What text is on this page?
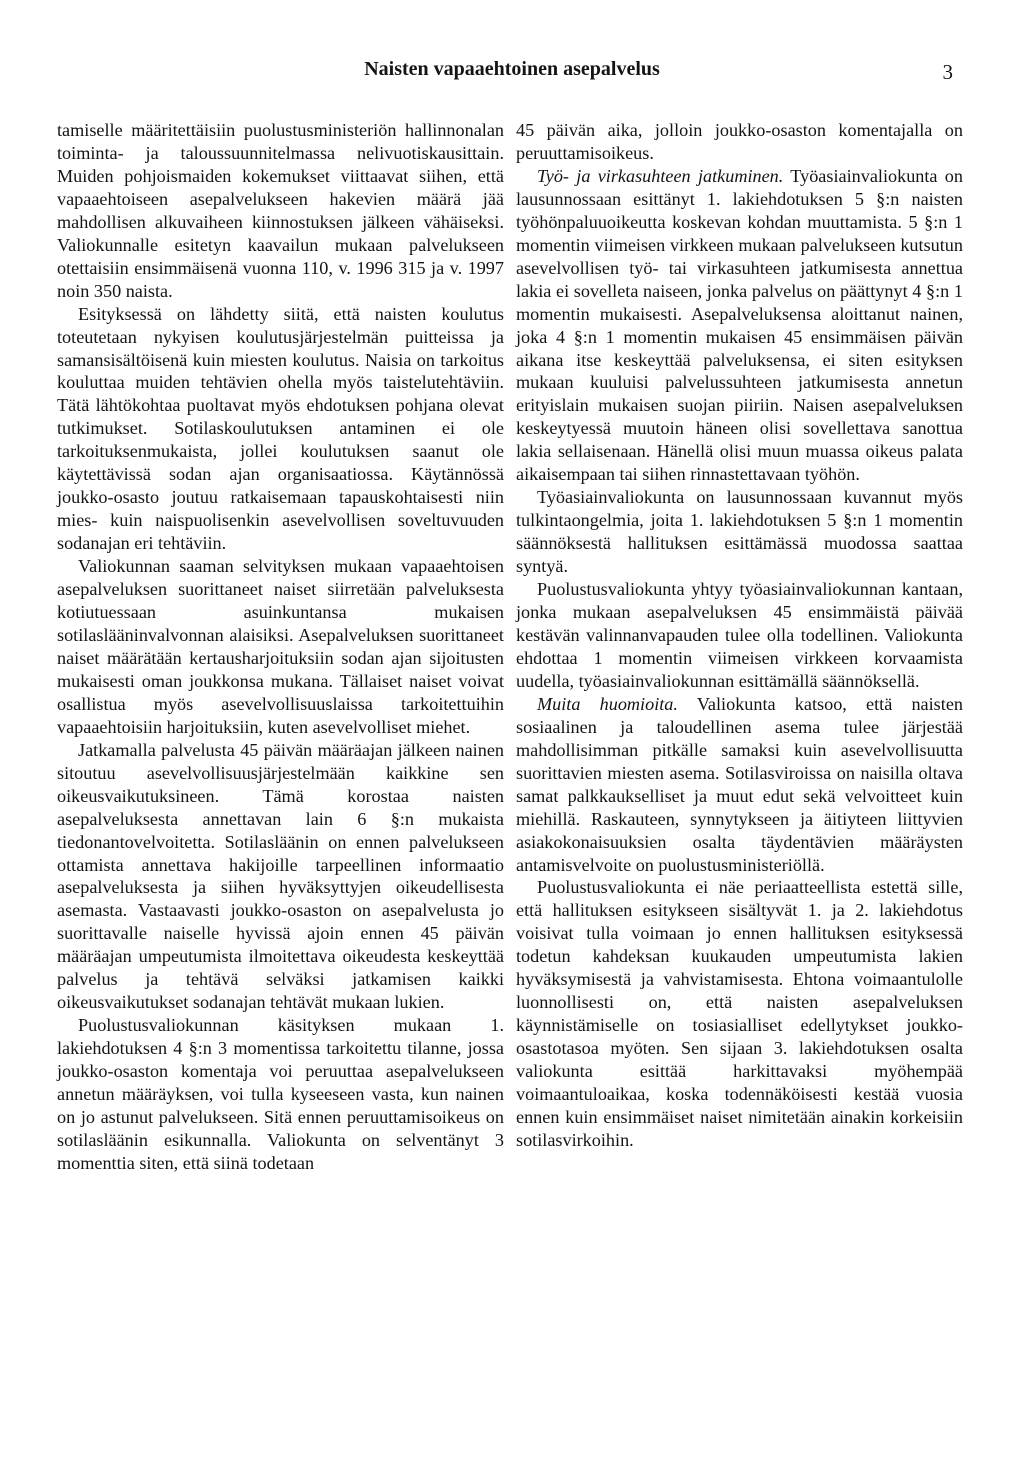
Naisten vapaaehtoinen asepalvelus	3

tamiselle määritettäisiin puolustusministeriön hallinnonalan toiminta- ja taloussuunnitelmassa nelivuotiskausittain. Muiden pohjoismaiden kokemukset viittaavat siihen, että vapaaehtoiseen asepalvelukseen hakevien määrä jää mahdollisen alkuvaiheen kiinnostuksen jälkeen vähäiseksi. Valiokunnalle esitetyn kaavailun mukaan palvelukseen otettaisiin ensimmäisenä vuonna 110, v. 1996 315 ja v. 1997 noin 350 naista.

Esityksessä on lähdetty siitä, että naisten koulutus toteutetaan nykyisen koulutusjärjestelmän puitteissa ja samansisältöisenä kuin miesten koulutus. Naisia on tarkoitus kouluttaa muiden tehtävien ohella myös taistelutehtäviin. Tätä lähtökohtaa puoltavat myös ehdotuksen pohjana olevat tutkimukset. Sotilaskoulutuksen antaminen ei ole tarkoituksenmukaista, jollei koulutuksen saanut ole käytettävissä sodan ajan organisaatiossa. Käytännössä joukko-osasto joutuu ratkaisemaan tapauskohtaisesti niin mies- kuin naispuolisenkin asevelvollisen soveltuvuuden sodanajan eri tehtäviin.

Valiokunnan saaman selvityksen mukaan vapaaehtoisen asepalveluksen suorittaneet naiset siirretään palveluksesta kotiutuessaan asuinkuntansa mukaisen sotilaslääninvalvonnan alaisiksi. Asepalveluksen suorittaneet naiset määrätään kertausharjoituksiin sodan ajan sijoitusten mukaisesti oman joukkonsa mukana. Tällaiset naiset voivat osallistua myös asevelvollisuuslaissa tarkoitettuihin vapaaehtoisiin harjoituksiin, kuten asevelvolliset miehet.

Jatkamalla palvelusta 45 päivän määräajan jälkeen nainen sitoutuu asevelvollisuusjärjestelmään kaikkine sen oikeusvaikutuksineen. Tämä korostaa naisten asepalveluksesta annettavan lain 6 §:n mukaista tiedonantovelvoitetta. Sotilasläänin on ennen palvelukseen ottamista annettava hakijoille tarpeellinen informaatio asepalveluksesta ja siihen hyväksyttyjen oikeudellisesta asemasta. Vastaavasti joukko-osaston on asepalvelusta jo suorittavalle naiselle hyvissä ajoin ennen 45 päivän määräajan umpeutumista ilmoitettava oikeudesta keskeyttää palvelus ja tehtävä selväksi jatkamisen kaikki oikeusvaikutukset sodanajan tehtävät mukaan lukien.

Puolustusvaliokunnan käsityksen mukaan 1. lakiehdotuksen 4 §:n 3 momentissa tarkoitettu tilanne, jossa joukko-osaston komentaja voi peruuttaa asepalvelukseen annetun määräyksen, voi tulla kyseeseen vasta, kun nainen on jo astunut palvelukseen. Sitä ennen peruuttamisoikeus on sotilasläänin esikunnalla. Valiokunta on selventänyt 3 momenttia siten, että siinä todetaan

45 päivän aika, jolloin joukko-osaston komentajalla on peruuttamisoikeus.

Työ- ja virkasuhteen jatkuminen. Työasiainvaliokunta on lausunnossaan esittänyt 1. lakiehdotuksen 5 §:n naisten työhönpaluuoikeutta koskevan kohdan muuttamista. 5 §:n 1 momentin viimeisen virkkeen mukaan palvelukseen kutsutun asevelvollisen työ- tai virkasuhteen jatkumisesta annettua lakia ei sovelleta naiseen, jonka palvelus on päättynyt 4 §:n 1 momentin mukaisesti. Asepalveluksensa aloittanut nainen, joka 4 §:n 1 momentin mukaisen 45 ensimmäisen päivän aikana itse keskeyttää palveluksensa, ei siten esityksen mukaan kuuluisi palvelussuhteen jatkumisesta annetun erityislain mukaisen suojan piiriin. Naisen asepalveluksen keskeytyessä muutoin häneen olisi sovellettava sanottua lakia sellaisenaan. Hänellä olisi muun muassa oikeus palata aikaisempaan tai siihen rinnastettavaan työhön.

Työasiainvaliokunta on lausunnossaan kuvannut myös tulkintaongelmia, joita 1. lakiehdotuksen 5 §:n 1 momentin säännöksestä hallituksen esittämässä muodossa saattaa syntyä.

Puolustusvaliokunta yhtyy työasiainvaliokunnan kantaan, jonka mukaan asepalveluksen 45 ensimmäistä päivää kestävän valinnanvapauden tulee olla todellinen. Valiokunta ehdottaa 1 momentin viimeisen virkkeen korvaamista uudella, työasiainvaliokunnan esittämällä säännöksellä.

Muita huomioita. Valiokunta katsoo, että naisten sosiaalinen ja taloudellinen asema tulee järjestää mahdollisimman pitkälle samaksi kuin asevelvollisuutta suorittavien miesten asema. Sotilasviroissa on naisilla oltava samat palkkaukselliset ja muut edut sekä velvoitteet kuin miehillä. Raskauteen, synnytykseen ja äitiyteen liittyvien asiakokonaisuuksien osalta täydentävien määräysten antamisvelvoite on puolustusministeriöllä.

Puolustusvaliokunta ei näe periaatteellista estettä sille, että hallituksen esitykseen sisältyvät 1. ja 2. lakiehdotus voisivat tulla voimaan jo ennen hallituksen esityksessä todetun kahdeksan kuukauden umpeutumista lakien hyväksymisestä ja vahvistamisesta. Ehtona voimaantulolle luonnollisesti on, että naisten asepalveluksen käynnistämiselle on tosiasialliset edellytykset joukko-osastotasoa myöten. Sen sijaan 3. lakiehdotuksen osalta valiokunta esittää harkittavaksi myöhempää voimaantuloaikaa, koska todennäköisesti kestää vuosia ennen kuin ensimmäiset naiset nimitetään ainakin korkeisiin sotilasvirkoihin.
